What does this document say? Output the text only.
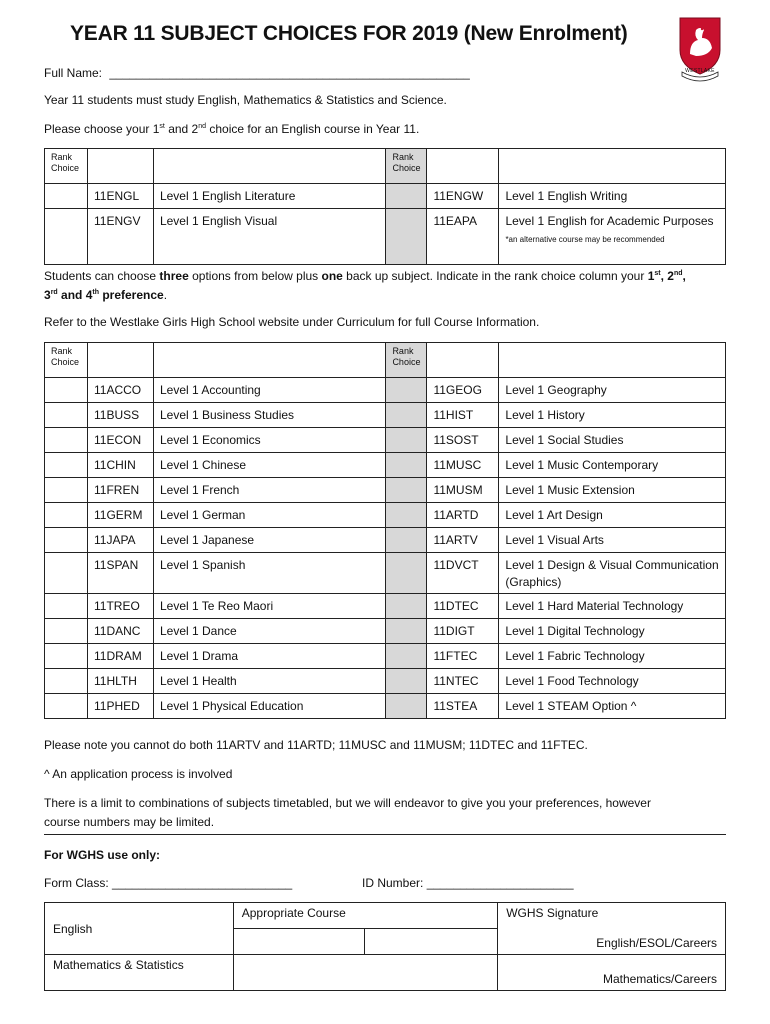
YEAR 11 SUBJECT CHOICES FOR 2019 (New Enrolment)
WESTLAKE
Full Name: ______________________________________________________
Year 11 students must study English, Mathematics & Statistics and Science.
Please choose your 1st and 2nd choice for an English course in Year 11.
Rank Choice			Rank Choice		
	11ENGL	Level 1 English Literature		11ENGW	Level 1 English Writing
	11ENGV	Level 1 English Visual		11EAPA	Level 1 English for Academic Purposes *an alternative course may be recommended
Students can choose three options from below plus one back up subject. Indicate in the rank choice column your 1st, 2nd,
3rd and 4th preference.
Refer to the Westlake Girls High School website under Curriculum for full Course Information.
Rank Choice			Rank Choice		
	11ACCO	Level 1 Accounting		11GEOG	Level 1 Geography
	11BUSS	Level 1 Business Studies		11HIST	Level 1 History
	11ECON	Level 1 Economics		11SOST	Level 1 Social Studies
	11CHIN	Level 1 Chinese		11MUSC	Level 1 Music Contemporary
	11FREN	Level 1 French		11MUSM	Level 1 Music Extension
	11GERM	Level 1 German		11ARTD	Level 1 Art Design
	11JAPA	Level 1 Japanese		11ARTV	Level 1 Visual Arts
	11SPAN	Level 1 Spanish		11DVCT	Level 1 Design & Visual Communication (Graphics)
	11TREO	Level 1 Te Reo Maori		11DTEC	Level 1 Hard Material Technology
	11DANC	Level 1 Dance		11DIGT	Level 1 Digital Technology
	11DRAM	Level 1 Drama		11FTEC	Level 1 Fabric Technology
	11HLTH	Level 1 Health		11NTEC	Level 1 Food Technology
	11PHED	Level 1 Physical Education		11STEA	Level 1 STEAM Option ^
Please note you cannot do both 11ARTV and 11ARTD; 11MUSC and 11MUSM; 11DTEC and 11FTEC.
^ An application process is involved
There is a limit to combinations of subjects timetabled, but we will endeavor to give you your preferences, however
course numbers may be limited.
For WGHS use only:
Form Class: ___________________________	ID Number: ______________________
English	Appropriate Course		WGHS Signature
			English/ESOL/Careers
Mathematics & Statistics			Mathematics/Careers
